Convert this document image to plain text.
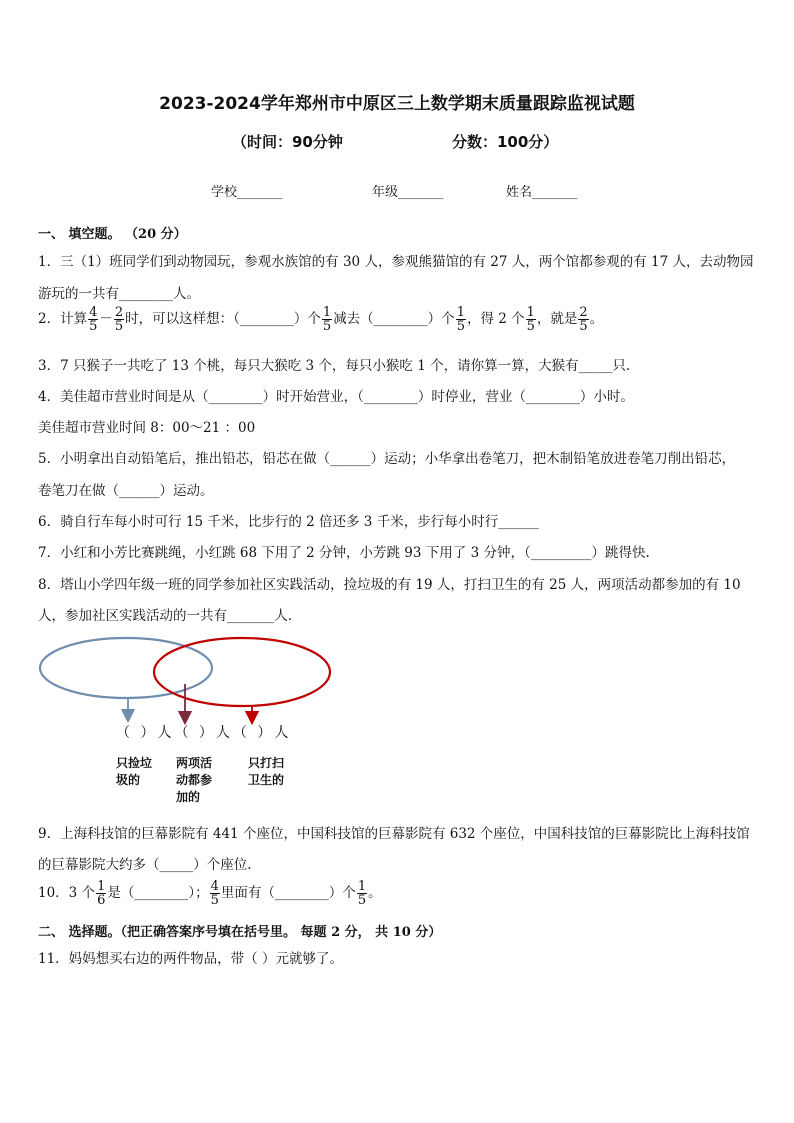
2023-2024学年郑州市中原区三上数学期末质量跟踪监视试题
（时间：90分钟	分数：100分）
学校_______	年级_______	姓名_______
一、 填空题。 （20 分）
1．三（1）班同学们到动物园玩，参观水族馆的有 30 人，参观熊猫馆的有 27 人，两个馆都参观的有 17 人，去动物园
游玩的一共有________人。
2．计算 $\frac{4}{5} - \frac{2}{5}$ 时，可以这样想：（________）个 $\frac{1}{5}$ 减去（________）个 $\frac{1}{5}$ ，得 2 个 $\frac{1}{5}$ ，就是 $\frac{2}{5}$ 。
3．7 只猴子一共吃了 13 个桃，每只大猴吃 3 个，每只小猴吃 1 个，请你算一算，大猴有_____只.
4．美佳超市营业时间是从（________）时开始营业，（________）时停业，营业（________）小时。
美佳超市营业时间 8：00～21 ：00
5．小明拿出自动铅笔后，推出铅芯，铅芯在做（______）运动；小华拿出卷笔刀，把木制铅笔放进卷笔刀削出铅芯，
卷笔刀在做（______）运动。
6．骑自行车每小时可行 15 千米，比步行的 2 倍还多 3 千米，步行每小时行______
7．小红和小芳比赛跳绳，小红跳 68 下用了 2 分钟，小芳跳 93 下用了 3 分钟，（_________）跳得快.
8．塔山小学四年级一班的同学参加社区实践活动，捡垃圾的有 19 人，打扫卫生的有 25 人，两项活动都参加的有 10
人，参加社区实践活动的一共有_______人.
（ ）人（ ）人（ ）人
只捡垃
圾的
两项活
动都参
加的
只打扫
卫生的
9．上海科技馆的巨幕影院有 441 个座位，中国科技馆的巨幕影院有 632 个座位，中国科技馆的巨幕影院比上海科技馆
的巨幕影院大约多（_____）个座位.
10．3 个 $\frac{1}{6}$ 是（________）； $\frac{4}{5}$ 里面有（________）个 $\frac{1}{5}$ 。
二、 选择题。（把正确答案序号填在括号里。 每题 2 分， 共 10 分）
11．妈妈想买右边的两件物品，带（ ）元就够了。
